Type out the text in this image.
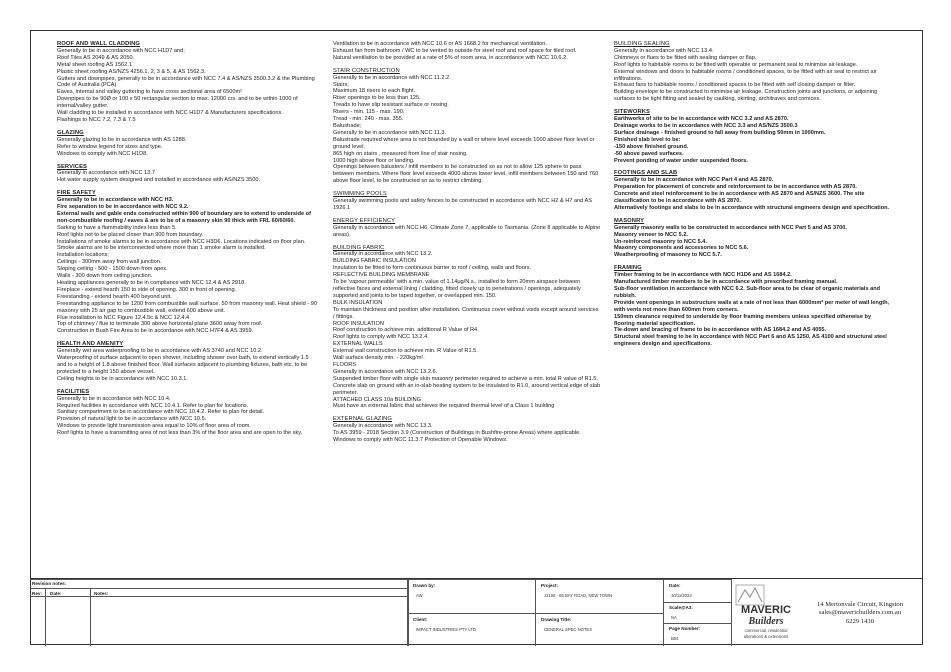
ROOF AND WALL CLADDING
Generally to be in accordance with NCC H1D7 and;
Roof Tiles AS 2049 & AS 2050.
Metal sheet roofing AS 1562.1
Plastic sheet roofing AS/NZS 4256.1, 2, 3 & 5, & AS 1562.3.
Gutters and downpipes, generally to be in accordance with NCC 7.4 & AS/NZS 3500.3.2 & the Plumbing Code of Australia (PCA)
Eaves, internal and valley guttering to have cross sectional area of 6500m²
Downpipes to be 90Ø or 100 x 50 rectangular section to max. 12000 crs. and to be within 1000 of internal/valley gutter.
Wall cladding to be installed in accordance with NCC H1D7 & Manufacturers specifications.
Flashings to NCC 7.2, 7.3 & 7.5
GLAZING
Generally glazing to be in accordance with AS 1288.
Refer to window legend for sizes and type.
Windows to comply with NCC H1D8.
SERVICES
Generally in accordance with NCC 13.7
Hot water supply system designed and installed in accordance with AS/NZS 3500.
FIRE SAFETY
Generally to be in accordance with NCC H3.
Fire separation to be in accordance with NCC 9.2.
External walls and gable ends constructed within 900 of boundary are to extend to underside of non-combustible roofing / eaves & are to be of a masonry skin 90 thick with FRL 60/60/60.
Sarking to have a flammability index less than 5.
Roof lights not to be placed closer than 900 from boundary.
Installations of smoke alarms to be in accordance with NCC H3D6. Locations indicated on floor plan. Smoke alarms are to be interconnected where more than 1 smoke alarm is installed.
Installation locations;
Ceilings - 300mm away from wall junction.
Sloping ceiling - 500 - 1500 down from apex.
Walls - 300 down from ceiling junction.
Heating appliances generally to be in compliance with NCC 12.4 & AS 2918.
Fireplace - extend hearth 150 to side of opening. 300 in front of opening.
Freestanding - extend hearth 400 beyond unit.
Freestanding appliance to be 1200 from combustible wall surface. 50 from masonry wall. Heat shield - 90 masonry with 25 air gap to combustible wall, extend 600 above unit.
Flue installation to NCC Figure 12.4.5c & NCC 12.4.4
Top of chimney / flue to terminate 300 above horizontal plane 3600 away from roof.
Construction in Bush Fire Area to be in accordance with NCC H7F4 & AS 3959.
HEALTH AND AMENITY
Generally wet area waterproofing to be in accordance with AS 3740 and NCC 10.2.
Waterproofing of surface adjacent to open shower, including shower over bath, to extend vertically 1.5 and to a height of 1.8 above finished floor. Wall surfaces adjacent to plumbing fixtures, bath etc. to be protected to a height 150 above vessel.
Ceiling heights to be in accordance with NCC 10.3.1.
FACILITIES
Generally to be in accordance with NCC 10.4.
Required facilities in accordance with NCC 10.4.1. Refer to plan for locations.
Sanitary compartment to be in accordance with NCC 10.4.2. Refer to plan for detail.
Provision of natural light to be in accordance with NCC 10.5.
Windows to provide light transmission area equal to 10% of floor area of room.
Roof lights to have a transmitting area of not less than 3% of the floor area and are open to the sky.
Ventilation to be in accordance with NCC 10.6 or AS 1668.2 for mechanical ventilation.
Exhaust fan from bathroom / WC to be vented to outside for steel roof and roof space for tiled roof.
Natural ventilation to be provided at a rate of 5% of room area, in accordance with NCC 10.6.2.
STAIR CONSTRUCTION
Generally to be in accordance with NCC 11.2.2
Stairs;
Maximum 18 risers to each flight.
Riser openings to be less than 125.
Treads to have slip resistant surface or nosing.
Risers - min. 115 - max. 190.
Tread - min. 240 - max. 355.
Balustrade;
Generally to be in accordance with NCC 11.3.
Balustrade required where area is not bounded by a wall or where level exceeds 1000 above floor level or ground level.
865 high on stairs , measured from line of stair nosing.
1000 high above floor or landing.
Openings between balusters / infill members to be constructed so as not to allow 125 sphere to pass between members. Where floor level exceeds 4000 above lower level, infill members between 150 and 760 above floor level, to be constructed so as to restrict climbing.
SWIMMING POOLS
Generally swimming pools and safety fences to be constructed in accordance with NCC H2 & H7 and AS 1926.1
ENERGY EFFICIENCY
Generally in accordance with NCC H6. Climate Zone 7, applicable to Tasmania. (Zone 8 applicable to Alpine areas).
BUILDING FABRIC
Generally in accordance with NCC 13.2.
BUILDING FABRIC INSULATION
Insulation to be fitted to form continuous barrier to roof / ceiling, walls and floors.
REFLECTIVE BUILDING MEMBRANE
To be 'vapour permeable' with a min. value of 1.14μg/N.s., installed to form 20mm airspace between reflective faces and external lining / cladding, fitted closely up to penetrations / openings, adequately supported and joints to be taped together, or overlapped min. 150.
BULK INSULATION
To maintain thickness and position after installation. Continuous cover without voids except around services / fittings.
ROOF INSULATION
Roof construction to achieve min. additional R Value of R4.
Roof lights to comply with NCC 13.2.4.
EXTERNAL WALLS
External wall construction to achieve min. R Value of R1.5.
Wall surface density min. - 220kg/m².
FLOORS
Generally in accordance with NCC 13.2.6.
Suspended timber floor with single skin masonry perimeter required to achieve a min. total R value of R1.5.
Concrete slab on ground with an in-slab heating system to be insulated to R1.0, around vertical edge of slab perimeter.
ATTACHED CLASS 10a BUILDING
Must have an external fabric that achieves the required thermal level of a Class 1 building
EXTERNAL GLAZING
Generally in accordance with NCC 13.3.
To AS 3959 - 2018 Section 3.9 (Construction of Buildings in Bushfire-prone Areas) where applicable.
Windows to comply with NCC 11.3.7 Protection of Openable Windows.
BUILDING SEALING
Generally in accordance with NCC 13.4.
Chimneys or flues to be fitted with sealing damper or flap.
Roof lights to habitable rooms to be fitted with operable or permanent seal to minimise air leakage.
External windows and doors to habitable rooms / conditioned spaces, to be fitted with air seal to restrict air infiltrations.
Exhaust fans to habitable rooms / conditioned spaces to be fitted with self closing damper or filter.
Building envelope to be constructed to minimise air leakage. Construction joints and junctions, or adjoining surfaces to be tight fitting and sealed by caulking, skirting, architraves and cornices.
SITEWORKS
Earthworks of site to be in accordance with NCC 3.2 and AS 2870.
Drainage works to be in accordance with NCC 3.3 and AS/NZS 3500.3
Surface drainage - finished ground to fall away from building 50mm in 1000mm.
Finished slab level to be:
-150 above finished ground.
-50 above paved surfaces.
Prevent ponding of water under suspended floors.
FOOTINGS AND SLAB
Generally to be in accordance with NCC Part 4 and AS 2870.
Preparation for placement of concrete and reinforcement to be in accordance with AS 2870.
Concrete and steel reinforcement to be in accordance with AS 2870 and AS/NZS 3600. The site classification to be in accordance with AS 2870.
Alternatively footings and slabs to be in accordance with structural engineers design and specification.
MASONRY
Generally masonry walls to be constructed in accordance with NCC Part 5 and AS 3700.
Masonry veneer to NCC 5.2.
Un-reinforced masonry to NCC 5.4.
Masonry components and accessories to NCC 5.6.
Weatherproofing of masonry to NCC 5.7.
FRAMING
Timber framing to be in accordance with NCC H1D6 and AS 1684.2.
Manufactured timber members to be in accordance with prescribed framing manual.
Sub-floor ventilation in accordance with NCC 6.2. Sub-floor area to be clear of organic materials and rubbish.
Provide vent openings in substructure walls at a rate of not less than 6000mm² per meter of wall length, with vents not more than 600mm from corners.
150mm clearance required to underside by floor framing members unless specified otherwise by flooring material specification.
Tie-down and bracing of frame to be in accordance with AS 1684.2 and AS 4055.
Structural steel framing to be in accordance with NCC Part 6 and AS 1250, AS 4100 and structural steel engineers design and specifications.
Revision notes:
Rev: Date:	Notes:
Drawn by:
AW
Project:
J2109 - 85 BAY ROAD, NEW TOWN
Date:
10/11/2023
Scale@A3:
NA
Client:
IMPACT INDUSTRIES PTY LTD
Drawing Title:
GENERAL SPEC NOTES	Page Number:
B04
MAVERIC
Builders
commercial, residential
alterations & extensions
14 Mertonvale Circuit, Kingston
sales@mavericbuilders.com.au
6229 1430
